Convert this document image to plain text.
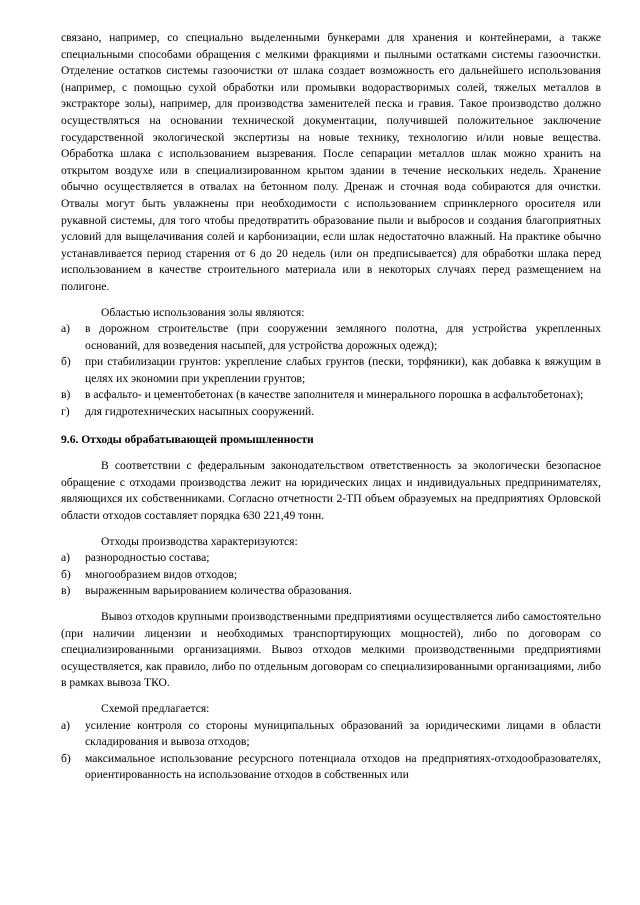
связано, например, со специально выделенными бункерами для хранения и контейнерами, а также специальными способами обращения с мелкими фракциями и пылными остатками системы газоочистки. Отделение остатков системы газоочистки от шлака создает возможность его дальнейшего использования (например, с помощью сухой обработки или промывки водорастворимых солей, тяжелых металлов в экстракторе золы), например, для производства заменителей песка и гравия. Такое производство должно осуществляться на основании технической документации, получившей положительное заключение государственной экологической экспертизы на новые технику, технологию и/или новые вещества. Обработка шлака с использованием вызревания. После сепарации металлов шлак можно хранить на открытом воздухе или в специализированном крытом здании в течение нескольких недель. Хранение обычно осуществляется в отвалах на бетонном полу. Дренаж и сточная вода собираются для очистки. Отвалы могут быть увлажнены при необходимости с использованием спринклерного оросителя или рукавной системы, для того чтобы предотвратить образование пыли и выбросов и создания благоприятных условий для выщелачивания солей и карбонизации, если шлак недостаточно влажный. На практике обычно устанавливается период старения от 6 до 20 недель (или он предписывается) для обработки шлака перед использованием в качестве строительного материала или в некоторых случаях перед размещением на полигоне.

Областью использования золы являются:

а) в дорожном строительстве (при сооружении земляного полотна, для устройства укрепленных оснований, для возведения насыпей, для устройства дорожных одежд);
б) при стабилизации грунтов: укрепление слабых грунтов (пески, торфяники), как добавка к вяжущим в целях их экономии при укреплении грунтов;
в) в асфальто- и цементобетонах (в качестве заполнителя и минерального порошка в асфальтобетонах);
г) для гидротехнических насыпных сооружений.

9.6. Отходы обрабатывающей промышленности

В соответствии с федеральным законодательством ответственность за экологически безопасное обращение с отходами производства лежит на юридических лицах и индивидуальных предпринимателях, являющихся их собственниками. Согласно отчетности 2-ТП объем образуемых на предприятиях Орловской области отходов составляет порядка 630 221,49 тонн.

Отходы производства характеризуются:

а) разнородностью состава;
б) многообразием видов отходов;
в) выраженным варьированием количества образования.

Вывоз отходов крупными производственными предприятиями осуществляется либо самостоятельно (при наличии лицензии и необходимых транспортирующих мощностей), либо по договорам со специализированными организациями. Вывоз отходов мелкими производственными предприятиями осуществляется, как правило, либо по отдельным договорам со специализированными организациями, либо в рамках вывоза ТКО.

Схемой предлагается:

а) усиление контроля со стороны муниципальных образований за юридическими лицами в области складирования и вывоза отходов;
б) максимальное использование ресурсного потенциала отходов на предприятиях-отходообразователях, ориентированность на использование отходов в собственных или
